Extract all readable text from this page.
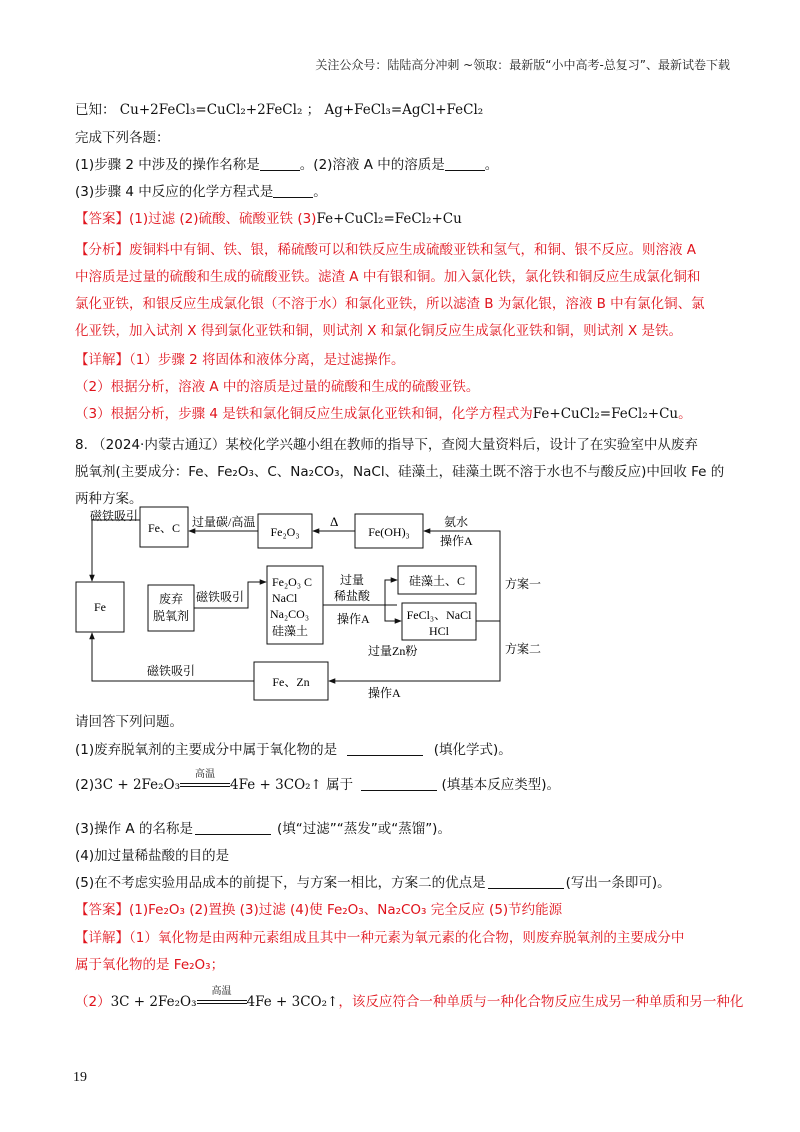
关注公众号：陆陆高分冲刺 ~领取：最新版“小中高考-总复习”、最新试卷下载
已知： Cu+2FeCl₃=CuCl₂+2FeCl₂ ； Ag+FeCl₃=AgCl+FeCl₂
完成下列各题：
(1)步骤 2 中涉及的操作名称是	。(2)溶液 A 中的溶质是	。
(3)步骤 4 中反应的化学方程式是	。
【答案】(1)过滤 (2)硫酸、硫酸亚铁 (3)Fe+CuCl₂=FeCl₂+Cu
【分析】废铜料中有铜、铁、银，稀硫酸可以和铁反应生成硫酸亚铁和氢气，和铜、银不反应。则溶液 A
中溶质是过量的硫酸和生成的硫酸亚铁。滤渣 A 中有银和铜。加入氯化铁，氯化铁和铜反应生成氯化铜和
氯化亚铁，和银反应生成氯化银（不溶于水）和氯化亚铁，所以滤渣 B 为氯化银，溶液 B 中有氯化铜、氯
化亚铁，加入试剂 X 得到氯化亚铁和铜，则试剂 X 和氯化铜反应生成氯化亚铁和铜，则试剂 X 是铁。
【详解】（1）步骤 2 将固体和液体分离，是过滤操作。
（2）根据分析，溶液 A 中的溶质是过量的硫酸和生成的硫酸亚铁。
（3）根据分析，步骤 4 是铁和氯化铜反应生成氯化亚铁和铜，化学方程式为Fe+CuCl₂=FeCl₂+Cu。
8. （2024·内蒙古通辽）某校化学兴趣小组在教师的指导下，查阅大量资料后，设计了在实验室中从废弃
脱氧剂(主要成分：Fe、Fe₂O₃、C、Na₂CO₃，NaCl、硅藻土，硅藻土既不溶于水也不与酸反应)中回收 Fe 的
两种方案。
Fe、C	Fe₂O₃	Fe(OH)₃
Fe
废弃
脱氧剂
Fe₂O₃ C
NaCl
Na₂CO₃
硅藻土
硅藻土、C
FeCl₃、NaCl
HCl
Fe、Zn
磁铁吸引	过量碳/高温	Δ	氨水
操作A
磁铁吸引
过量
稀盐酸
操作A
过量Zn粉
方案一
方案二
磁铁吸引
操作A
请回答下列问题。
(1)废弃脱氧剂的主要成分中属于氧化物的是	(填化学式)。
(2)3C + 2Fe₂O₃
高温
4Fe + 3CO₂↑ 属于	(填基本反应类型)。
(3)操作 A 的名称是	(填“过滤”“蒸发”或“蒸馏”)。
(4)加过量稀盐酸的目的是
(5)在不考虑实验用品成本的前提下，与方案一相比，方案二的优点是	(写出一条即可)。
【答案】(1)Fe₂O₃ (2)置换 (3)过滤 (4)使 Fe₂O₃、Na₂CO₃ 完全反应 (5)节约能源
【详解】（1）氧化物是由两种元素组成且其中一种元素为氧元素的化合物，则废弃脱氧剂的主要成分中
属于氧化物的是 Fe₂O₃；
（2）3C + 2Fe₂O₃
高温
4Fe + 3CO₂↑，该反应符合一种单质与一种化合物反应生成另一种单质和另一种化
19
